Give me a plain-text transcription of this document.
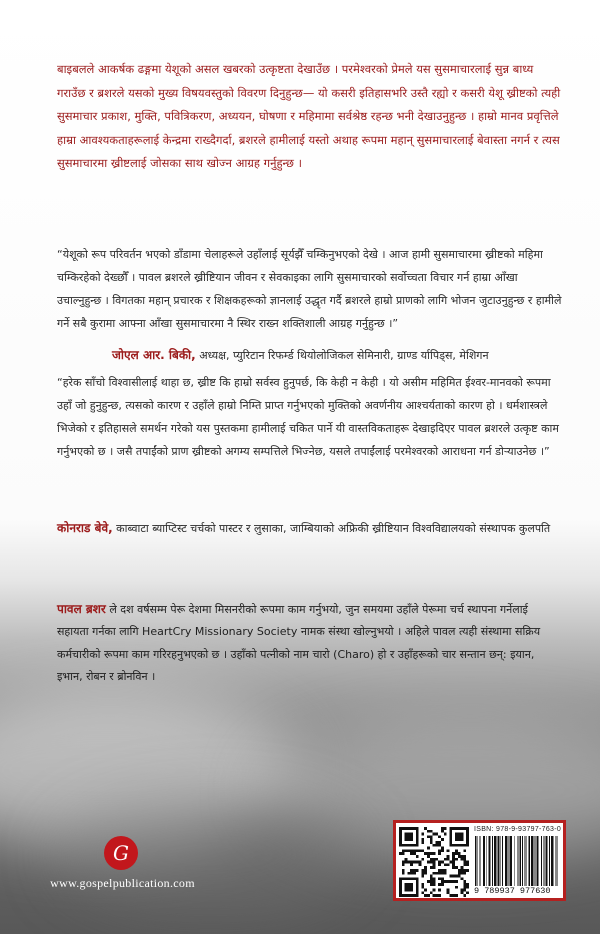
बाइबलले आकर्षक ढङ्गमा येशूको असल खबरको उत्कृष्टता देखाउँछ । परमेश्वरको प्रेमले यस सुसमाचारलाई सुन्न बाध्य गराउँछ र ब्रशरले यसको मुख्य विषयवस्तुको विवरण दिनुहुन्छ— यो कसरी इतिहासभरि उस्तै रह्यो र कसरी येशू ख्रीष्टको त्यही सुसमाचार प्रकाश, मुक्ति, पवित्रिकरण, अध्ययन, घोषणा र महिमामा सर्वश्रेष्ठ रहन्छ भनी देखाउनुहुन्छ । हाम्रो मानव प्रवृत्तिले हाम्रा आवश्यकताहरूलाई केन्द्रमा राख्दैगर्दा, ब्रशरले हामीलाई यस्तो अथाह रूपमा महान् सुसमाचारलाई बेवास्ता नगर्न र त्यस सुसमाचारमा ख्रीष्टलाई जोसका साथ खोज्न आग्रह गर्नुहुन्छ ।

“येशूको रूप परिवर्तन भएको डाँडामा चेलाहरूले उहाँलाई सूर्यझैँ चम्किनुभएको देखे । आज हामी सुसमाचारमा ख्रीष्टको महिमा चम्किरहेको देख्छौँ । पावल ब्रशरले ख्रीष्टियान जीवन र सेवकाइका लागि सुसमाचारको सर्वोच्चता विचार गर्न हाम्रा आँखा उचाल्नुहुन्छ । विगतका महान् प्रचारक र शिक्षकहरूको ज्ञानलाई उद्धृत गर्दै ब्रशरले हाम्रो प्राणको लागि भोजन जुटाउनुहुन्छ र हामीले गर्ने सबै कुरामा आफ्ना आँखा सुसमाचारमा नै स्थिर राख्न शक्तिशाली आग्रह गर्नुहुन्छ ।”

जोएल आर. बिकी, अध्यक्ष, प्युरिटान रिफर्म्ड थियोलोजिकल सेमिनारी, ग्राण्ड र्यापिड्स, मेशिगन

“हरेक साँचो विश्वासीलाई थाहा छ, ख्रीष्ट कि हाम्रो सर्वस्व हुनुपर्छ, कि केही न केही । यो असीम महिमित ईश्वर-मानवको रूपमा उहाँ जो हुनुहुन्छ, त्यसको कारण र उहाँले हाम्रो निम्ति प्राप्त गर्नुभएको मुक्तिको अवर्णनीय आश्चर्यताको कारण हो । धर्मशास्त्रले भिजेको र इतिहासले समर्थन गरेको यस पुस्तकमा हामीलाई चकित पार्ने यी वास्तविकताहरू देखाइदिएर पावल ब्रशरले उत्कृष्ट काम गर्नुभएको छ । जसै तपाईंको प्राण ख्रीष्टको अगम्य सम्पत्तिले भिज्नेछ, यसले तपाईंलाई परमेश्वरको आराधना गर्न डोऱ्याउनेछ ।”

कोनराड बेवे, काब्वाटा ब्याप्टिस्ट चर्चको पास्टर र लुसाका, जाम्बियाको अफ्रिकी ख्रीष्टियान विश्वविद्यालयको संस्थापक कुलपति

पावल ब्रशर ले दश वर्षसम्म पेरू देशमा मिसनरीको रूपमा काम गर्नुभयो, जुन समयमा उहाँले पेरूमा चर्च स्थापना गर्नेलाई सहायता गर्नका लागि HeartCry Missionary Society नामक संस्था खोल्नुभयो । अहिले पावल त्यही संस्थामा सक्रिय कर्मचारीको रूपमा काम गरिरहनुभएको छ । उहाँको पत्नीको नाम चारो (Charo) हो र उहाँहरूको चार सन्तान छन्: इयान, इभान, रोबन र ब्रोनविन ।

G
www.gospelpublication.com
ISBN: 978-9-93797-763-0
9 789937 977630
